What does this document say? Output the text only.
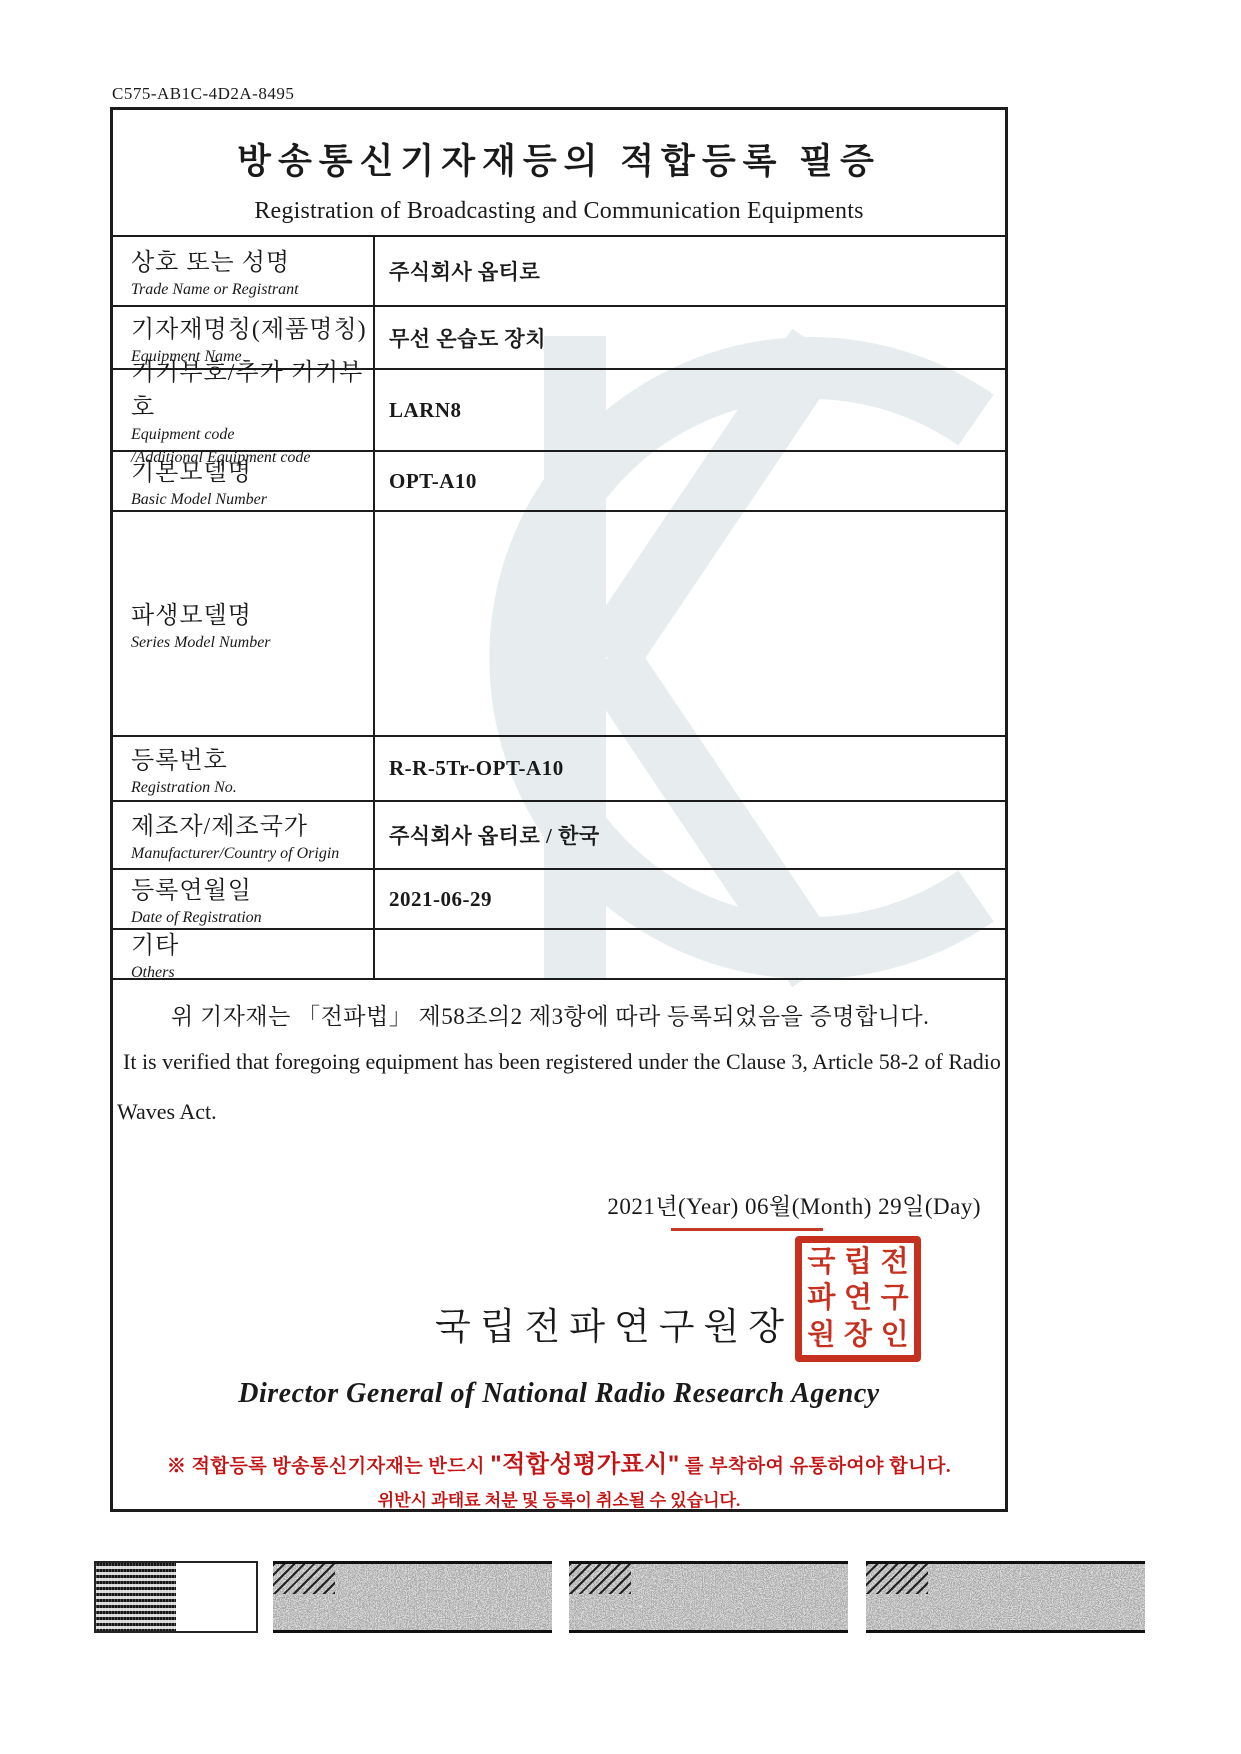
C575-AB1C-4D2A-8495
방송통신기자재등의 적합등록 필증
Registration of Broadcasting and Communication Equipments
상호 또는 성명
Trade Name or Registrant
주식회사 옵티로
기자재명칭(제품명칭)
Equipment Name
무선 온습도 장치
기기부호/추가 기기부호
Equipment code
/Additional Equipment code
LARN8
기본모델명
Basic Model Number
OPT-A10
파생모델명
Series Model Number
등록번호
Registration No.
R-R-5Tr-OPT-A10
제조자/제조국가
Manufacturer/Country of Origin
주식회사 옵티로 / 한국
등록연월일
Date of Registration
2021-06-29
기타
Others
위 기자재는 「전파법」 제58조의2 제3항에 따라 등록되었음을 증명합니다.
It is verified that foregoing equipment has been registered under the Clause 3, Article 58-2 of Radio
Waves Act.
2021년(Year) 06월(Month) 29일(Day)
국립전파연구원장
국 립 전
파 연 구
원 장 인
Director General of National Radio Research Agency
※ 적합등록 방송통신기자재는 반드시 "적합성평가표시" 를 부착하여 유통하여야 합니다.
위반시 과태료 처분 및 등록이 취소될 수 있습니다.
